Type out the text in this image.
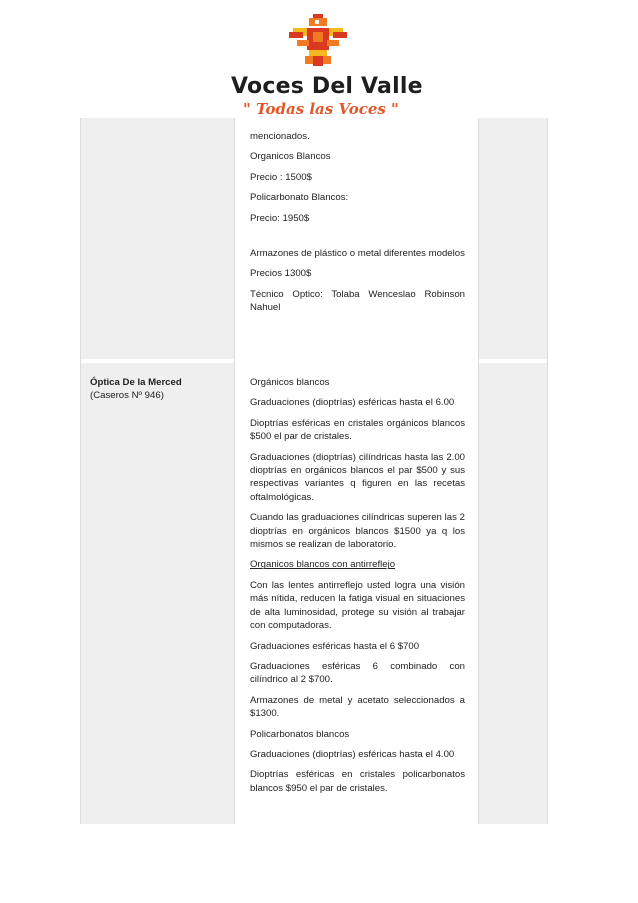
Voces Del Valle
" Todas las Voces "
Óptica De la Merced
(Caseros Nº 946)

mencionados.

Organicos Blancos

Precio : 1500$

Policarbonato Blancos:

Precio: 1950$

Armazones de plástico o metal diferentes modelos

Precios 1300$

Técnico Optico: Tolaba Wenceslao Robinson Nahuel

Orgánicos blancos

Graduaciones (dioptrías) esféricas hasta el 6.00

Dioptrías esféricas en cristales orgánicos blancos $500 el par de cristales.

Graduaciones (dioptrías) cilíndricas hasta las 2.00 dioptrías en orgánicos blancos el par $500 y sus respectivas variantes q figuren en las recetas oftalmológicas.

Cuando las graduaciones cilíndricas superen las 2 dioptrías en orgánicos blancos $1500 ya q los mismos se realizan de laboratorio.

Organicos blancos con antirreflejo

Con las lentes antirreflejo usted logra una visión más nítida, reducen la fatiga visual en situaciones de alta luminosidad, protege su visión al trabajar con computadoras.

Graduaciones esféricas hasta el 6 $700

Graduaciones esféricas 6 combinado con cilíndrico al 2 $700.

Armazones de metal y acetato seleccionados a $1300.

Policarbonatos blancos

Graduaciones (dioptrías) esféricas hasta el 4.00

Dioptrías esféricas en cristales policarbonatos blancos $950 el par de cristales.
